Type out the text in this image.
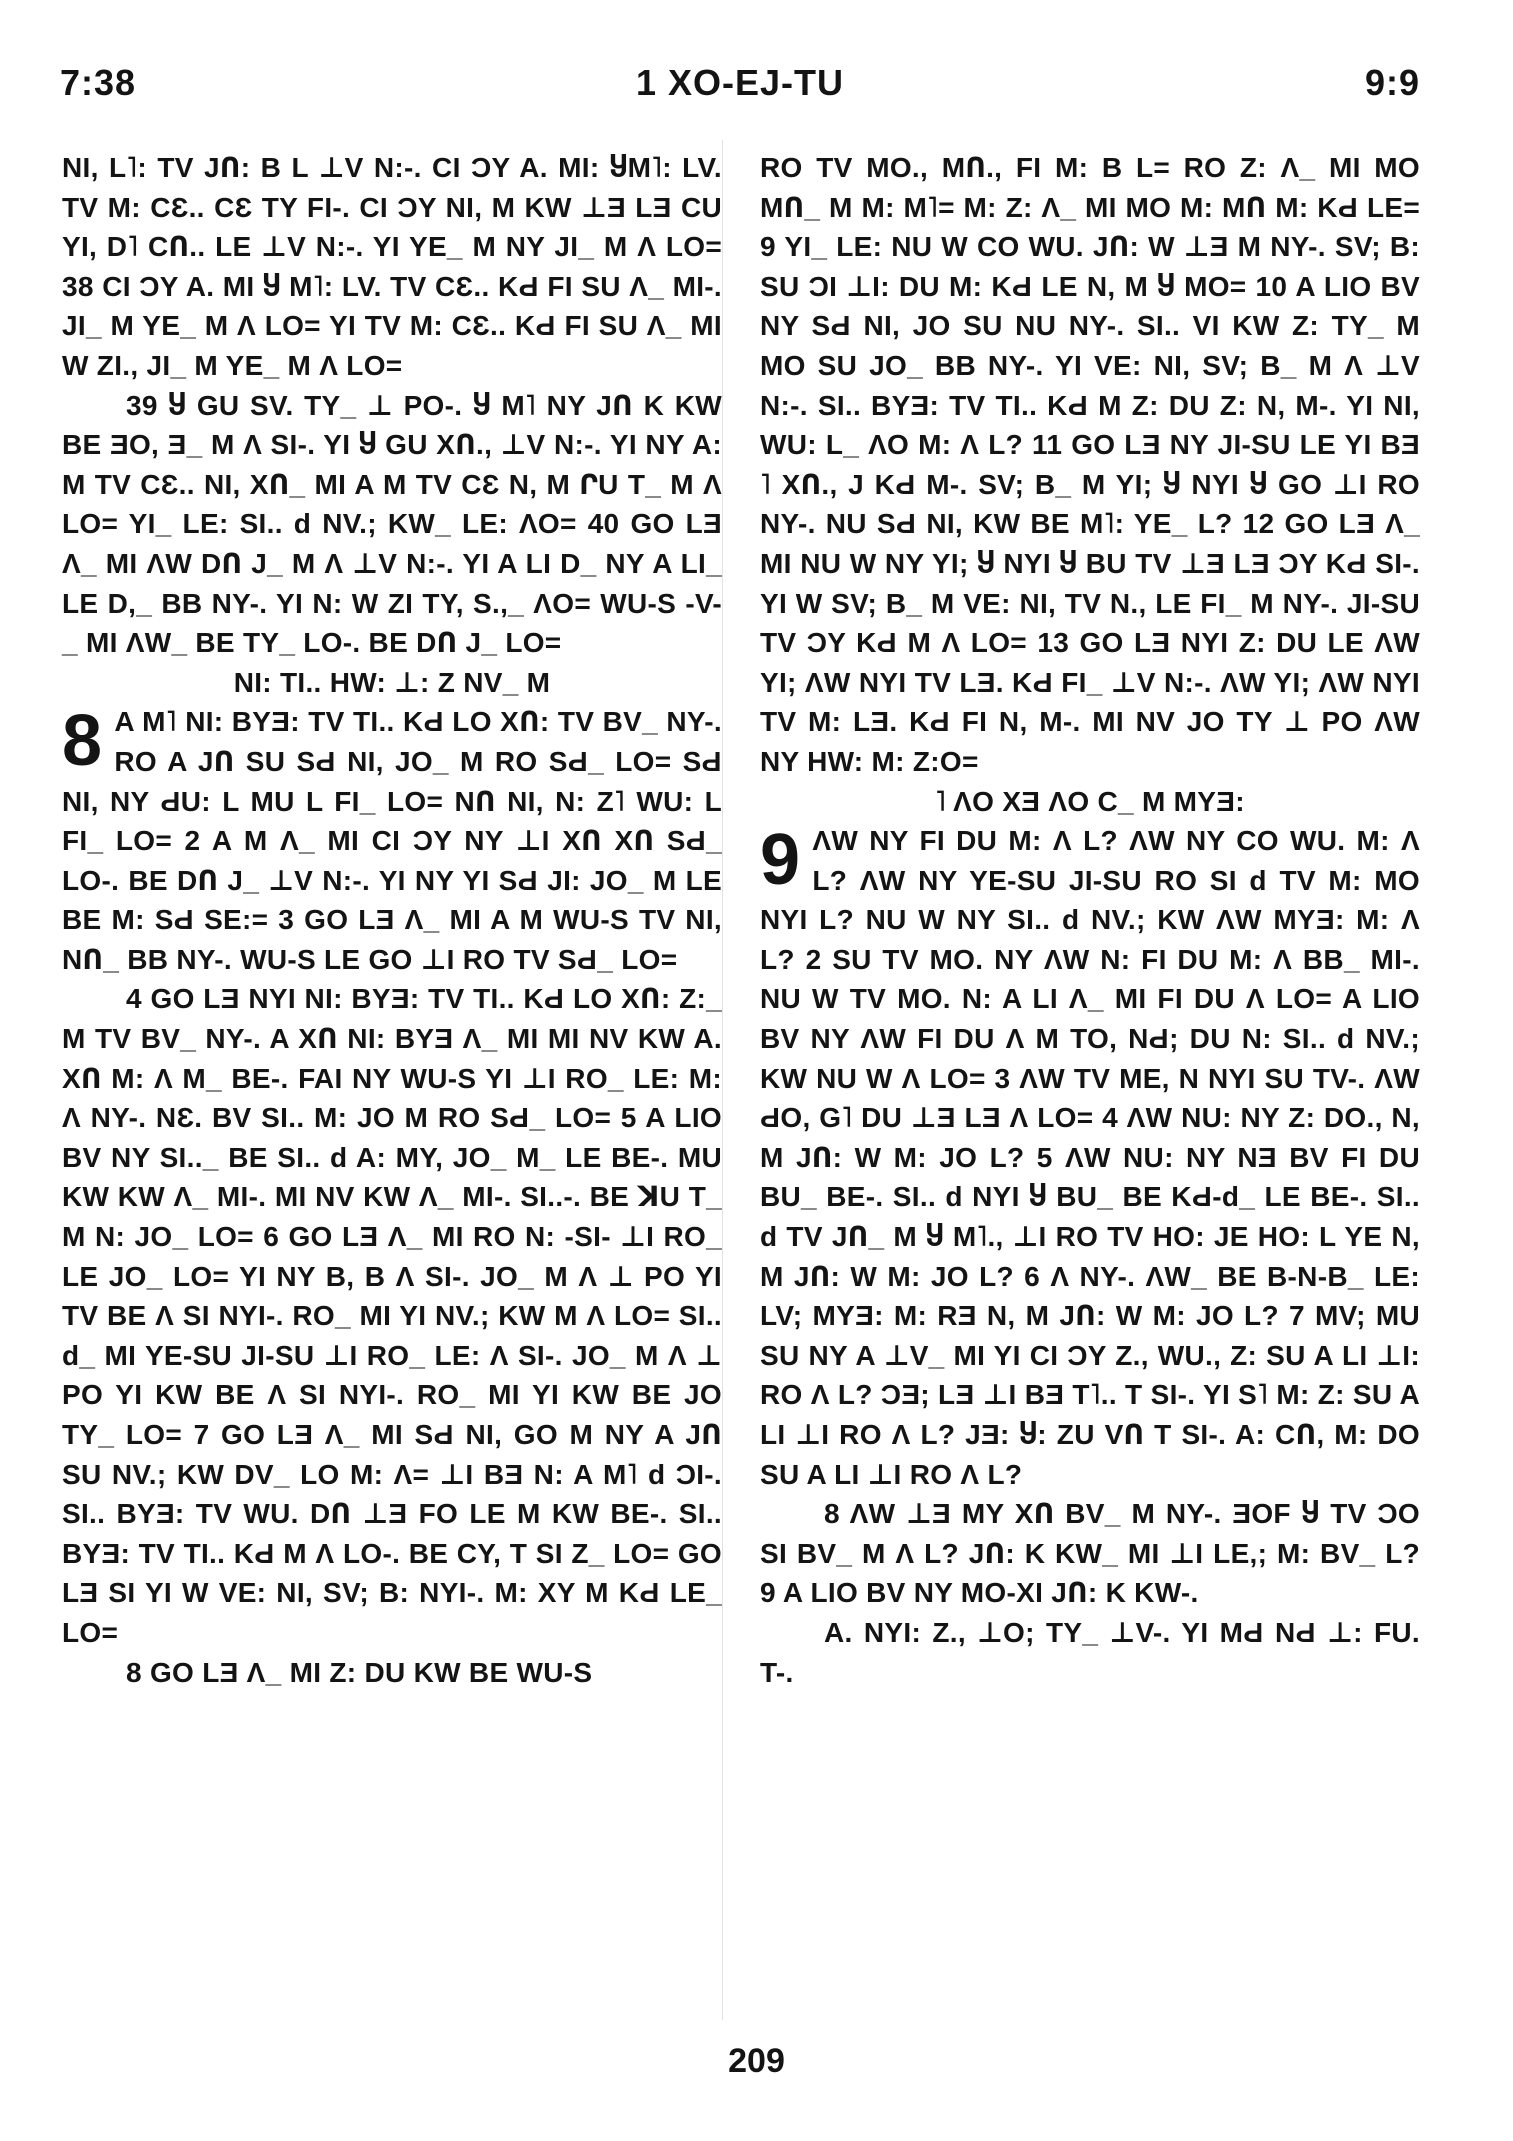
7:38	1 XO-EJ-TU	9:9

NI, L˥: TV JՈ: B L ⊥V N:-. CI ƆY A. MI: ႸM˥: LV. TV M: CƐ.. CƐ TY FI-. CI ƆY NI, M KW ⊥Ǝ LƎ CU YI, D˥ CՈ.. LE ⊥V N:-. YI YE_ M NY JI_ M Λ LO= 38 CI ƆY A. MI Ⴘ M˥: LV. TV CƐ.. KԀ FI SU Λ_ MI-. JI_ M YE_ M Λ LO= YI TV M: CƐ.. KԀ FI SU Λ_ MI W ZI., JI_ M YE_ M Λ LO=

39 Ⴘ GU SV. TY_ ⊥ PO-. Ⴘ M˥ NY JՈ K KW BE ƎO, Ǝ_ M Λ SI-. YI Ⴘ GU XՈ., ⊥V N:-. YI NY A: M TV CƐ.. NI, XՈ_ MI A M TV CƐ N, M ՐU T_ M Λ LO= YI_ LE: SI.. d NV.; KW_ LE: ΛO= 40 GO LƎ Λ_ MI ΛW DՈ J_ M Λ ⊥V N:-. YI A LI D_ NY A LI_ LE D,_ BB NY-. YI N: W ZI TY, S.,_ ΛO= WU-S -V-_ MI ΛW_ BE TY_ LO-. BE DՈ J_ LO=

NI: TI.. HW: ⊥: Z NV_ M

8 A M˥ NI: BYƎ: TV TI.. KԀ LO XՈ: TV BV_ NY-. RO A JՈ SU SԀ NI, JO_ M RO SԀ_ LO= SԀ NI, NY ԀU: L MU L FI_ LO= NՈ NI, N: Z˥ WU: L FI_ LO= 2 A M Λ_ MI CI ƆY NY ⊥I XՈ XՈ SԀ_ LO-. BE DՈ J_ ⊥V N:-. YI NY YI SԀ JI: JO_ M LE BE M: SԀ SE:= 3 GO LƎ Λ_ MI A M WU-S TV NI, NՈ_ BB NY-. WU-S LE GO ⊥I RO TV SԀ_ LO=

4 GO LƎ NYI NI: BYƎ: TV TI.. KԀ LO XՈ: Z:_ M TV BV_ NY-. A XՈ NI: BYƎ Λ_ MI MI NV KW A. XՈ M: Λ M_ BE-. FAI NY WU-S YI ⊥I RO_ LE: M: Λ NY-. NƐ. BV SI.. M: JO M RO SԀ_ LO= 5 A LIO BV NY SI.._ BE SI.. d A: MY, JO_ M_ LE BE-. MU KW KW Λ_ MI-. MI NV KW Λ_ MI-. SI..-. BE ꓘU T_ M N: JO_ LO= 6 GO LƎ Λ_ MI RO N: -SI- ⊥I RO_ LE JO_ LO= YI NY B, B Λ SI-. JO_ M Λ ⊥ PO YI TV BE Λ SI NYI-. RO_ MI YI NV.; KW M Λ LO= SI.. d_ MI YE-SU JI-SU ⊥I RO_ LE: Λ SI-. JO_ M Λ ⊥ PO YI KW BE Λ SI NYI-. RO_ MI YI KW BE JO TY_ LO= 7 GO LƎ Λ_ MI SԀ NI, GO M NY A JՈ SU NV.; KW DV_ LO M: Λ= ⊥I BƎ N: A M˥ d ƆI-. SI.. BYƎ: TV WU. DՈ ⊥Ǝ FO LE M KW BE-. SI.. BYƎ: TV TI.. KԀ M Λ LO-. BE CY, T SI Z_ LO= GO LƎ SI YI W VE: NI, SV; B: NYI-. M: XY M KԀ LE_ LO=

8 GO LƎ Λ_ MI Z: DU KW BE WU-S

RO TV MO., MՈ., FI M: B L= RO Z: Λ_ MI MO MՈ_ M M: M˥= M: Z: Λ_ MI MO M: MՈ M: KԀ LE= 9 YI_ LE: NU W CO WU. JՈ: W ⊥Ǝ M NY-. SV; B: SU ƆI ⊥I: DU M: KԀ LE N, M Ⴘ MO= 10 A LIO BV NY SԀ NI, JO SU NU NY-. SI.. VI KW Z: TY_ M MO SU JO_ BB NY-. YI VE: NI, SV; B_ M Λ ⊥V N:-. SI.. BYƎ: TV TI.. KԀ M Z: DU Z: N, M-. YI NI, WU: L_ ΛO M: Λ L? 11 GO LƎ NY JI-SU LE YI BƎ ˥ XՈ., J KԀ M-. SV; B_ M YI; Ⴘ NYI Ⴘ GO ⊥I RO NY-. NU SԀ NI, KW BE M˥: YE_ L? 12 GO LƎ Λ_ MI NU W NY YI; Ⴘ NYI Ⴘ BU TV ⊥Ǝ LƎ ƆY KԀ SI-. YI W SV; B_ M VE: NI, TV N., LE FI_ M NY-. JI-SU TV ƆY KԀ M Λ LO= 13 GO LƎ NYI Z: DU LE ΛW YI; ΛW NYI TV LƎ. KԀ FI_ ⊥V N:-. ΛW YI; ΛW NYI TV M: LƎ. KԀ FI N, M-. MI NV JO TY ⊥ PO ΛW NY HW: M: Z:O=

˥ ΛO XƎ ΛO C_ M MYƎ:

9 ΛW NY FI DU M: Λ L? ΛW NY CO WU. M: Λ L? ΛW NY YE-SU JI-SU RO SI d TV M: MO NYI L? NU W NY SI.. d NV.; KW ΛW MYƎ: M: Λ L? 2 SU TV MO. NY ΛW N: FI DU M: Λ BB_ MI-. NU W TV MO. N: A LI Λ_ MI FI DU Λ LO= A LIO BV NY ΛW FI DU Λ M TO, NԀ; DU N: SI.. d NV.; KW NU W Λ LO= 3 ΛW TV ME, N NYI SU TV-. ΛW ԀO, G˥ DU ⊥Ǝ LƎ Λ LO= 4 ΛW NU: NY Z: DO., N, M JՈ: W M: JO L? 5 ΛW NU: NY NƎ BV FI DU BU_ BE-. SI.. d NYI Ⴘ BU_ BE KԀ-d_ LE BE-. SI.. d TV JՈ_ M Ⴘ M˥., ⊥I RO TV HO: JE HO: L YE N, M JՈ: W M: JO L? 6 Λ NY-. ΛW_ BE B-N-B_ LE: LV; MYƎ: M: RƎ N, M JՈ: W M: JO L? 7 MV; MU SU NY A ⊥V_ MI YI CI ƆY Z., WU., Z: SU A LI ⊥I: RO Λ L? ƆƎ; LƎ ⊥I BƎ T˥.. T SI-. YI S˥ M: Z: SU A LI ⊥I RO Λ L? JƎ: Ⴘ: ZU VՈ T SI-. A: CՈ, M: DO SU A LI ⊥I RO Λ L?

8 ΛW ⊥Ǝ MY XՈ BV_ M NY-. ƎOF Ⴘ TV ƆO SI BV_ M Λ L? JՈ: K KW_ MI ⊥I LE,; M: BV_ L? 9 A LIO BV NY MO-XI JՈ: K KW-.

A. NYI: Z., ⊥O; TY_ ⊥V-. YI MԀ NԀ ⊥: FU. T-.

209
